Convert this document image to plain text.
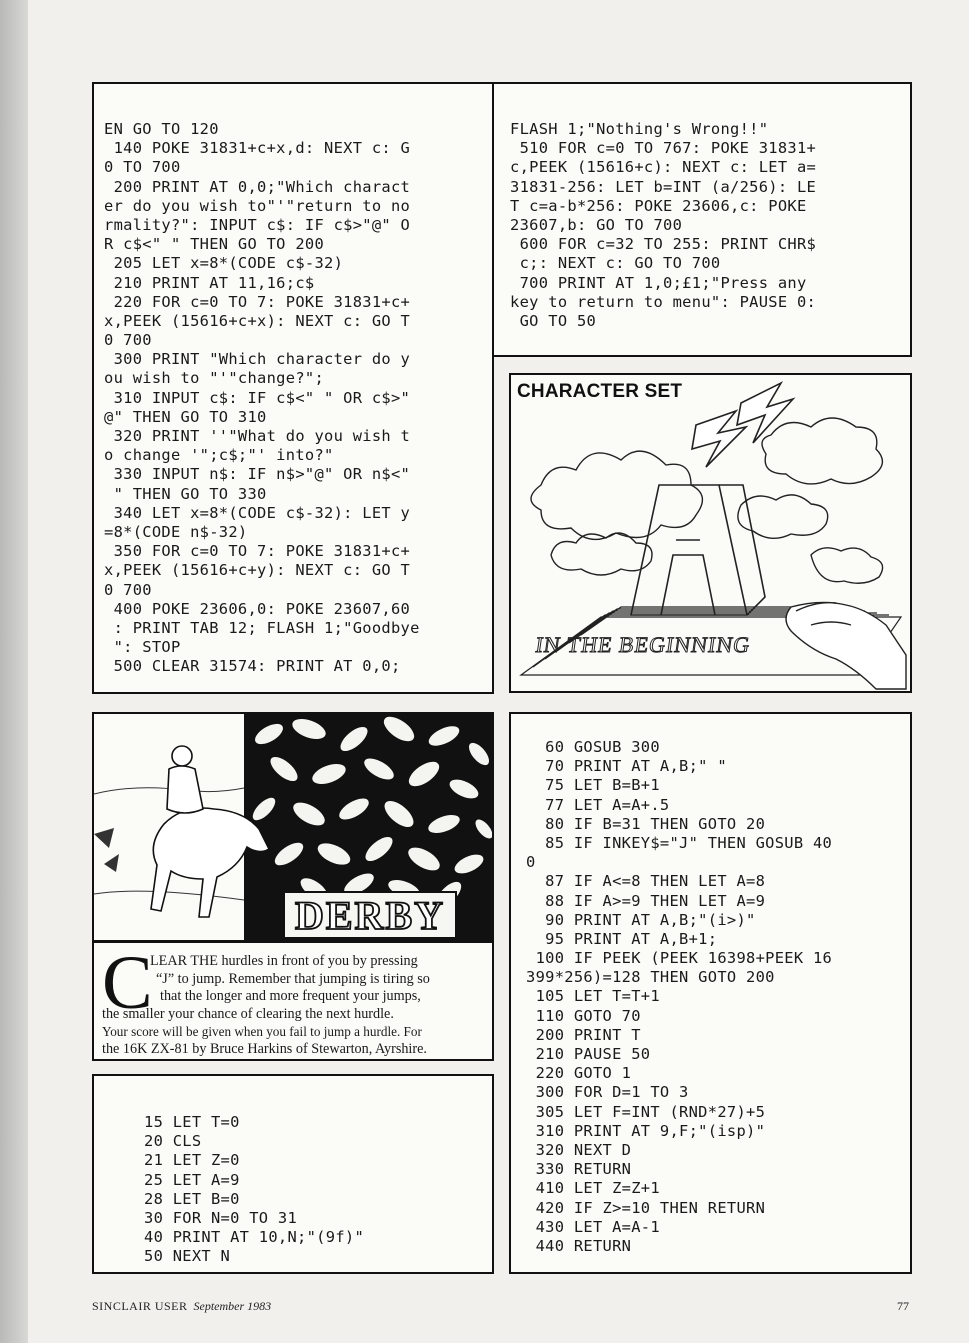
EN GO TO 120
140 POKE 31831+c+x,d: NEXT c: G
0 TO 700
200 PRINT AT 0,0;"Which charact
er do you wish to"'"return to no
rmality?": INPUT c$: IF c$>"@" O
R c$<" " THEN GO TO 200
205 LET x=8*(CODE c$-32)
210 PRINT AT 11,16;c$
220 FOR c=0 TO 7: POKE 31831+c+
x,PEEK (15616+c+x): NEXT c: GO T
0 700
300 PRINT "Which character do y
ou wish to "'"change?";
310 INPUT c$: IF c$<" " OR c$>"
@" THEN GO TO 310
320 PRINT ''"What do you wish t
o change '";c$;"' into?"
330 INPUT n$: IF n$>"@" OR n$<"
" THEN GO TO 330
340 LET x=8*(CODE c$-32): LET y
=8*(CODE n$-32)
350 FOR c=0 TO 7: POKE 31831+c+
x,PEEK (15616+c+y): NEXT c: GO T
0 700
400 POKE 23606,0: POKE 23607,60
: PRINT TAB 12; FLASH 1;"Goodbye
": STOP
500 CLEAR 31574: PRINT AT 0,0;
FLASH 1;"Nothing's Wrong!!"
510 FOR c=0 TO 767: POKE 31831+
c,PEEK (15616+c): NEXT c: LET a=
31831-256: LET b=INT (a/256): LE
T c=a-b*256: POKE 23606,c: POKE
23607,b: GO TO 700
600 FOR c=32 TO 255: PRINT CHR$
c;: NEXT c: GO TO 700
700 PRINT AT 1,0;£1;"Press any
key to return to menu": PAUSE 0:
GO TO 50
IN THE BEGINNING
CHARACTER SET
DERBY
C
LEAR THE hurdles in front of you by pressing
“J” to jump. Remember that jumping is tiring so
that the longer and more frequent your jumps,
the smaller your chance of clearing the next hurdle.
Your score will be given when you fail to jump a hurdle. For
the 16K ZX-81 by Bruce Harkins of Stewarton, Ayrshire.
15 LET T=0
20 CLS
21 LET Z=0
25 LET A=9
28 LET B=0
30 FOR N=0 TO 31
40 PRINT AT 10,N;"(9f)"
50 NEXT N
60 GOSUB 300
70 PRINT AT A,B;" "
75 LET B=B+1
77 LET A=A+.5
80 IF B=31 THEN GOTO 20
85 IF INKEY$="J" THEN GOSUB 40
0
87 IF A<=8 THEN LET A=8
88 IF A>=9 THEN LET A=9
90 PRINT AT A,B;"(i>)"
95 PRINT AT A,B+1;
100 IF PEEK (PEEK 16398+PEEK 16
399*256)=128 THEN GOTO 200
105 LET T=T+1
110 GOTO 70
200 PRINT T
210 PAUSE 50
220 GOTO 1
300 FOR D=1 TO 3
305 LET F=INT (RND*27)+5
310 PRINT AT 9,F;"(isp)"
320 NEXT D
330 RETURN
410 LET Z=Z+1
420 IF Z>=10 THEN RETURN
430 LET A=A-1
440 RETURN
SINCLAIR USER September 1983	77
